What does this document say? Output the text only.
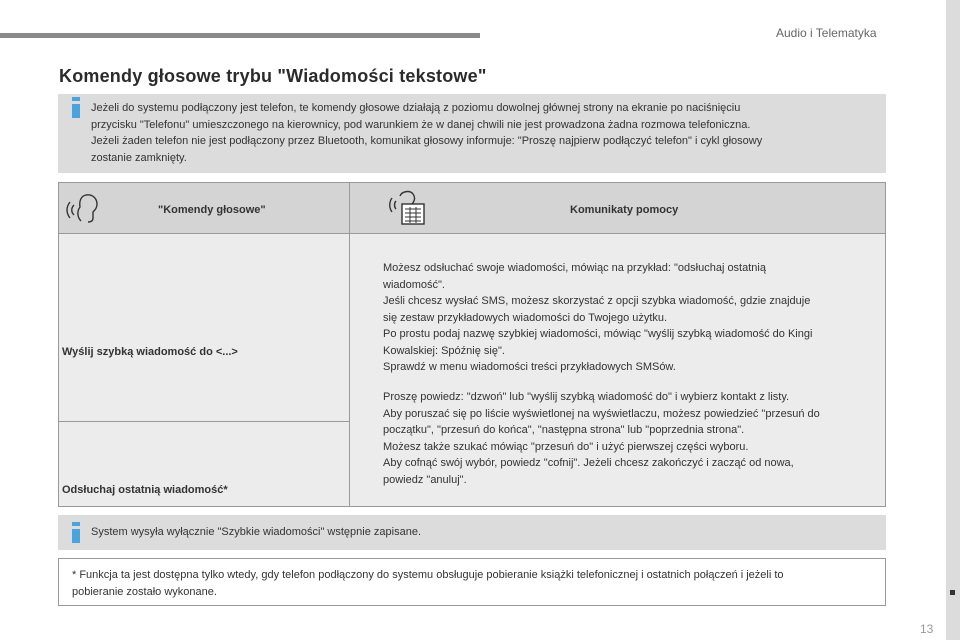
Audio i Telematyka
13
Komendy głosowe trybu "Wiadomości tekstowe"
Jeżeli do systemu podłączony jest telefon, te komendy głosowe działają z poziomu dowolnej głównej strony na ekranie po naciśnięciu
przycisku "Telefonu" umieszczonego na kierownicy, pod warunkiem że w danej chwili nie jest prowadzona żadna rozmowa telefoniczna.
Jeżeli żaden telefon nie jest podłączony przez Bluetooth, komunikat głosowy informuje: "Proszę najpierw podłączyć telefon" i cykl głosowy
zostanie zamknięty.
"Komendy głosowe"	Komunikaty pomocy
Wyślij szybką wiadomość do <...>
Odsłuchaj ostatnią wiadomość*

Możesz odsłuchać swoje wiadomości, mówiąc na przykład: "odsłuchaj ostatnią

wiadomość".

Jeśli chcesz wysłać SMS, możesz skorzystać z opcji szybka wiadomość, gdzie znajduje

się zestaw przykładowych wiadomości do Twojego użytku.

Po prostu podaj nazwę szybkiej wiadomości, mówiąc "wyślij szybką wiadomość do Kingi

Kowalskiej: Spóźnię się".

Sprawdź w menu wiadomości treści przykładowych SMSów.

Proszę powiedz: "dzwoń" lub "wyślij szybką wiadomość do" i wybierz kontakt z listy.

Aby poruszać się po liście wyświetlonej na wyświetlaczu, możesz powiedzieć "przesuń do

początku", "przesuń do końca", "następna strona" lub "poprzednia strona".

Możesz także szukać mówiąc "przesuń do" i użyć pierwszej części wyboru.

Aby cofnąć swój wybór, powiedz "cofnij". Jeżeli chcesz zakończyć i zacząć od nowa,

powiedz "anuluj".

System wysyła wyłącznie "Szybkie wiadomości" wstępnie zapisane.
* Funkcja ta jest dostępna tylko wtedy, gdy telefon podłączony do systemu obsługuje pobieranie książki telefonicznej i ostatnich połączeń i jeżeli to
pobieranie zostało wykonane.
